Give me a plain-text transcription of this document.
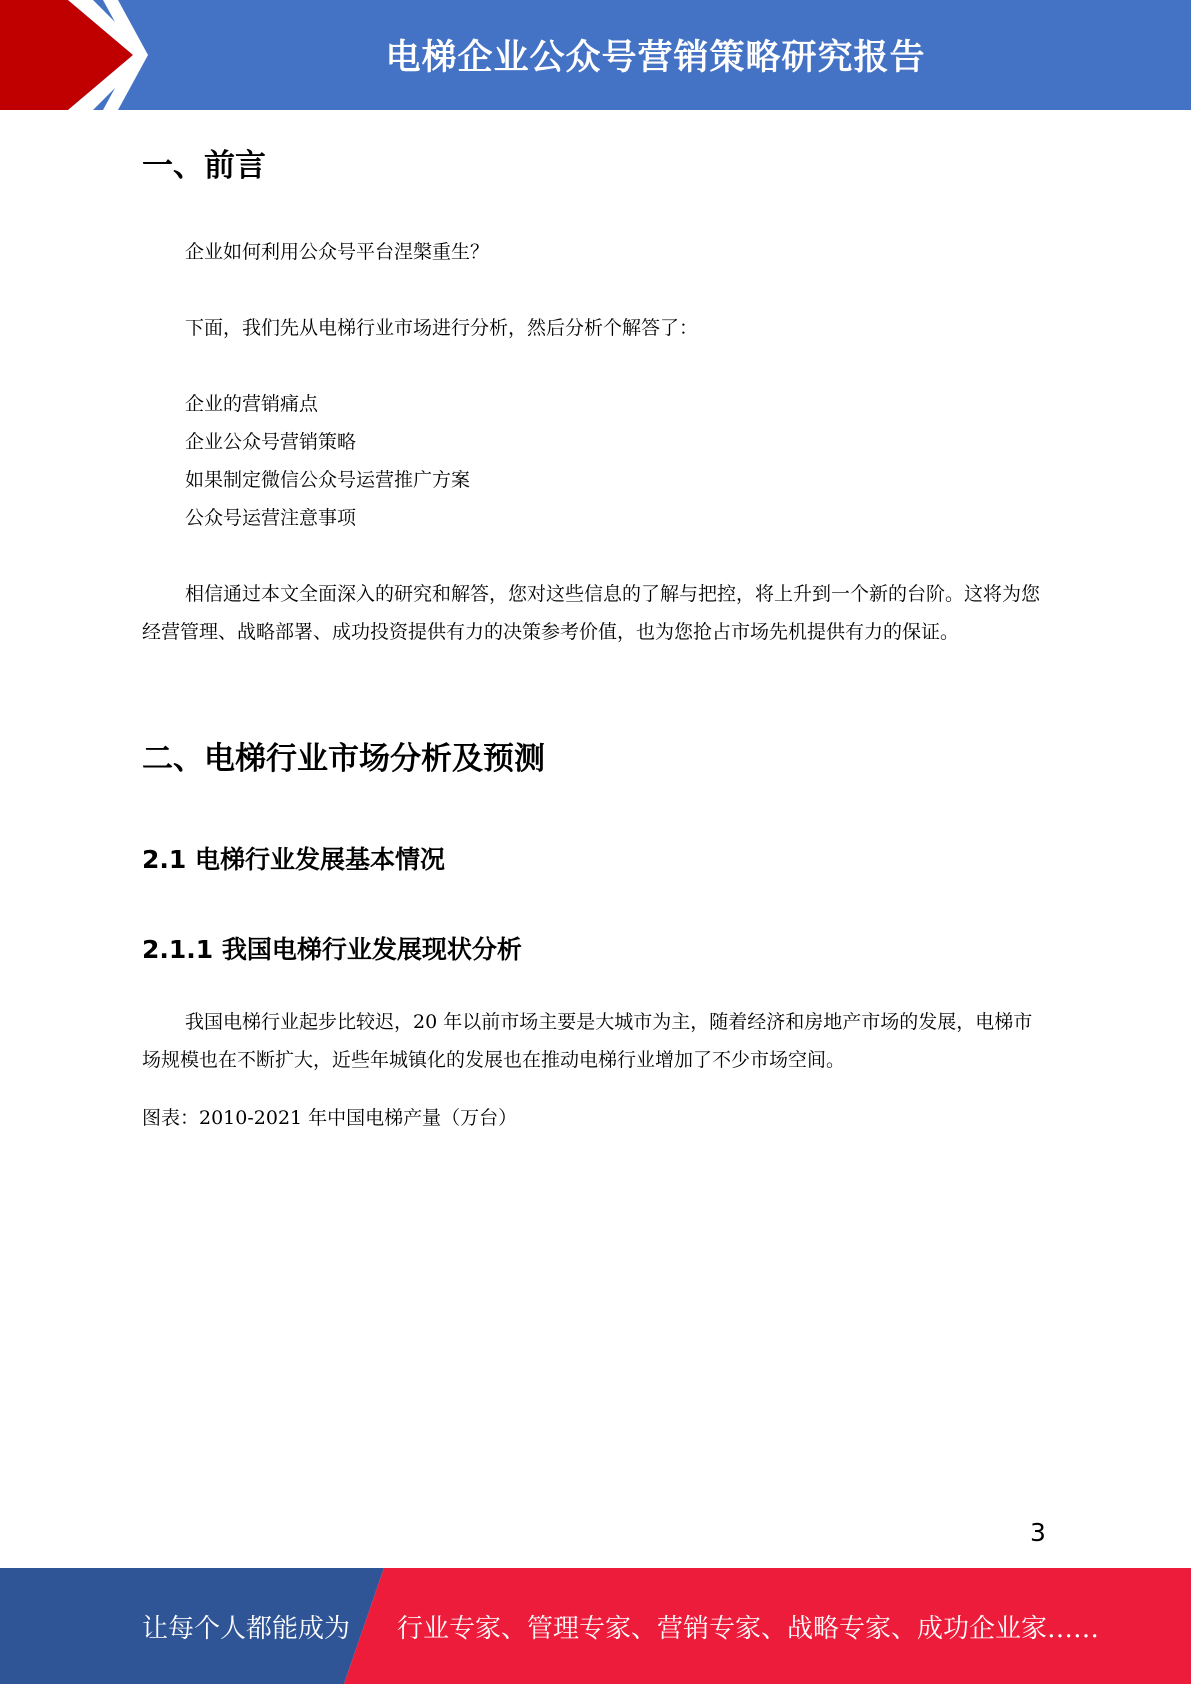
电梯企业公众号营销策略研究报告
一、前言

企业如何利用公众号平台涅槃重生？

下面，我们先从电梯行业市场进行分析，然后分析个解答了：

企业的营销痛点
企业公众号营销策略
如果制定微信公众号运营推广方案
公众号运营注意事项

相信通过本文全面深入的研究和解答，您对这些信息的了解与把控，将上升到一个新的台阶。这将为您经营管理、战略部署、成功投资提供有力的决策参考价值，也为您抢占市场先机提供有力的保证。

二、电梯行业市场分析及预测
2.1 电梯行业发展基本情况
2.1.1 我国电梯行业发展现状分析

我国电梯行业起步比较迟，20 年以前市场主要是大城市为主，随着经济和房地产市场的发展，电梯市场规模也在不断扩大，近些年城镇化的发展也在推动电梯行业增加了不少市场空间。

图表：2010-2021 年中国电梯产量（万台）

3
让每个人都能成为 行业专家、管理专家、营销专家、战略专家、成功企业家……
